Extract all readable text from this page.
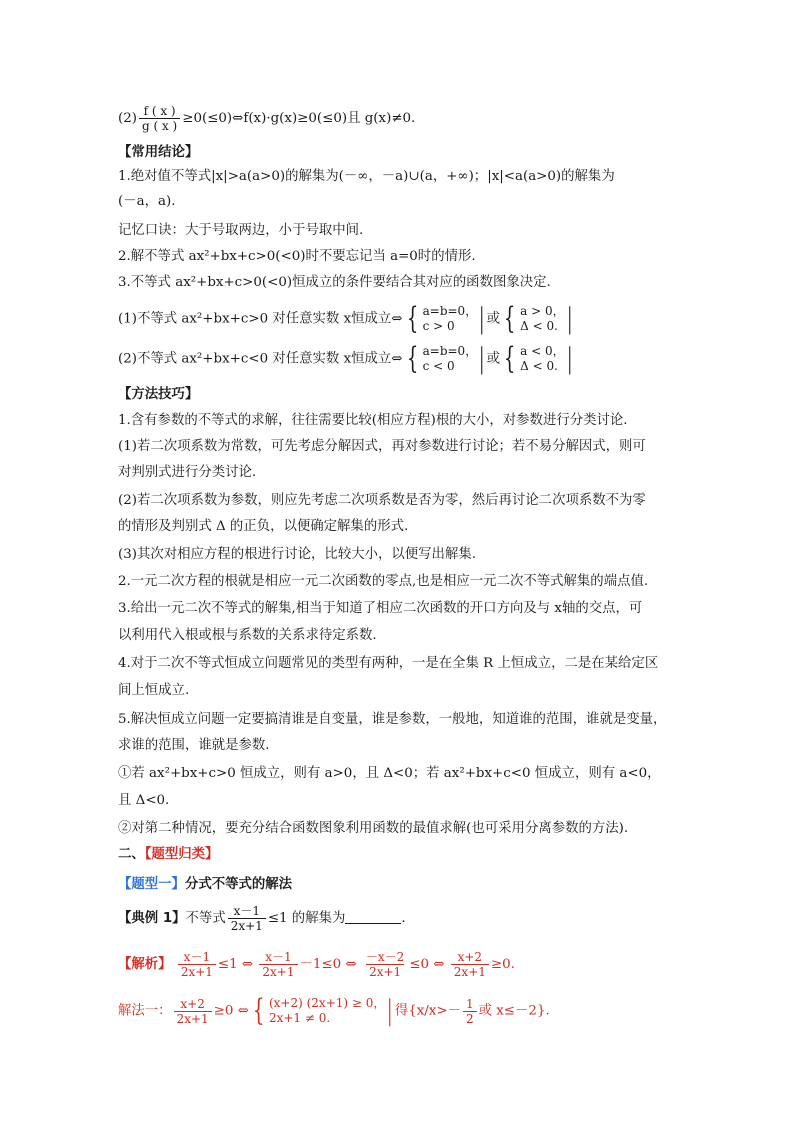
$(2) \frac{f ( x )}{g ( x )}$ ≥0(≤0)⇔f(x)·g(x)≥0(≤0)且 g(x)≠0.
【常用结论】
1.绝对值不等式|x|>a(a>0)的解集为(－∞，－a)∪(a，+∞)；|x|<a(a>0)的解集为
(－a，a).
记忆口诀：大于号取两边，小于号取中间.
2.解不等式 ax²+bx+c>0(<0)时不要忘记当 a=0时的情形.
3.不等式 ax²+bx+c>0(<0)恒成立的条件要结合其对应的函数图象决定.
(1)不等式 ax²+bx+c>0 对任意实数 x恒成立⇔ { a=b=0，
c > 0 | 或 { a > 0，
Δ < 0. |
(2)不等式 ax²+bx+c<0 对任意实数 x恒成立⇔ { a=b=0，
c < 0 | 或 { a < 0，
Δ < 0. |
【方法技巧】
1.含有参数的不等式的求解，往往需要比较(相应方程)根的大小，对参数进行分类讨论.
(1)若二次项系数为常数，可先考虑分解因式，再对参数进行讨论；若不易分解因式，则可
对判别式进行分类讨论.
(2)若二次项系数为参数，则应先考虑二次项系数是否为零，然后再讨论二次项系数不为零
的情形及判别式 Δ 的正负，以便确定解集的形式.
(3)其次对相应方程的根进行讨论，比较大小，以便写出解集.
2.一元二次方程的根就是相应一元二次函数的零点,也是相应一元二次不等式解集的端点值.
3.给出一元二次不等式的解集,相当于知道了相应二次函数的开口方向及与 x轴的交点，可
以利用代入根或根与系数的关系求待定系数.
4.对于二次不等式恒成立问题常见的类型有两种，一是在全集 R 上恒成立，二是在某给定区
间上恒成立.
5.解决恒成立问题一定要搞清谁是自变量，谁是参数，一般地，知道谁的范围，谁就是变量，
求谁的范围，谁就是参数.
①若 ax²+bx+c>0 恒成立，则有 a>0，且 Δ<0；若 ax²+bx+c<0 恒成立，则有 a<0，
且 Δ<0.
②对第二种情况，要充分结合函数图象利用函数的最值求解(也可采用分离参数的方法).
二、【题型归类】
【题型一】分式不等式的解法
【典例 1】不等式 $\frac{x-1}{2x+1} \le 1$ 的解集为	.
【解析】 $\frac{x-1}{2x+1} \le 1$ ⇔ $\frac{x-1}{2x+1} -1\le 0$ ⇔ $\frac{-x-2}{2x+1} \le 0$ ⇔ $\frac{x+2}{2x+1} \ge 0$.
解法一： $\frac{x+2}{2x+1} \ge 0$ ⇔ { (x+2) (2x+1) ≥ 0，
2x+1 ≠ 0.	| 得{$x/x>- \frac{1}{2}$ 或 x≤－2}.
